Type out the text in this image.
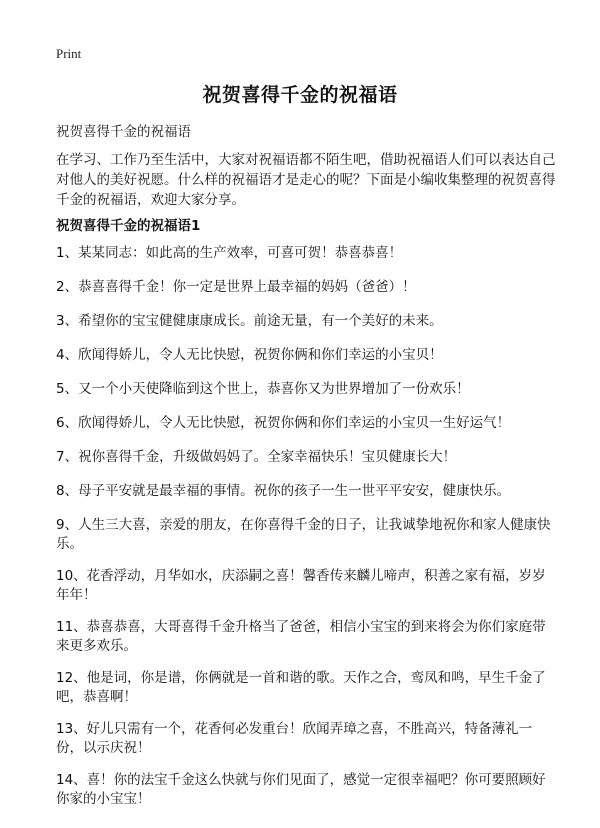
Print
祝贺喜得千金的祝福语
祝贺喜得千金的祝福语
在学习、工作乃至生活中，大家对祝福语都不陌生吧，借助祝福语人们可以表达自己对他人的美好祝愿。什么样的祝福语才是走心的呢？下面是小编收集整理的祝贺喜得千金的祝福语，欢迎大家分享。
祝贺喜得千金的祝福语1
1、某某同志：如此高的生产效率，可喜可贺！恭喜恭喜！
2、恭喜喜得千金！你一定是世界上最幸福的妈妈（爸爸）！
3、希望你的宝宝健健康康成长。前途无量，有一个美好的未来。
4、欣闻得娇儿，令人无比快慰，祝贺你俩和你们幸运的小宝贝！
5、又一个小天使降临到这个世上，恭喜你又为世界增加了一份欢乐！
6、欣闻得娇儿，令人无比快慰，祝贺你俩和你们幸运的小宝贝一生好运气！
7、祝你喜得千金，升级做妈妈了。全家幸福快乐！宝贝健康长大！
8、母子平安就是最幸福的事情。祝你的孩子一生一世平平安安，健康快乐。
9、人生三大喜，亲爱的朋友，在你喜得千金的日子，让我诚挚地祝你和家人健康快乐。
10、花香浮动，月华如水，庆添嗣之喜！馨香传来麟儿啼声，积善之家有福，岁岁年年！
11、恭喜恭喜，大哥喜得千金升格当了爸爸，相信小宝宝的到来将会为你们家庭带来更多欢乐。
12、他是词，你是谱，你俩就是一首和谐的歌。天作之合，鸾凤和鸣，早生千金了吧，恭喜啊！
13、好儿只需有一个，花香何必发重台！欣闻弄璋之喜，不胜高兴，特备薄礼一份，以示庆祝！
14、喜！你的法宝千金这么快就与你们见面了，感觉一定很幸福吧？你可要照顾好你家的小宝宝！
